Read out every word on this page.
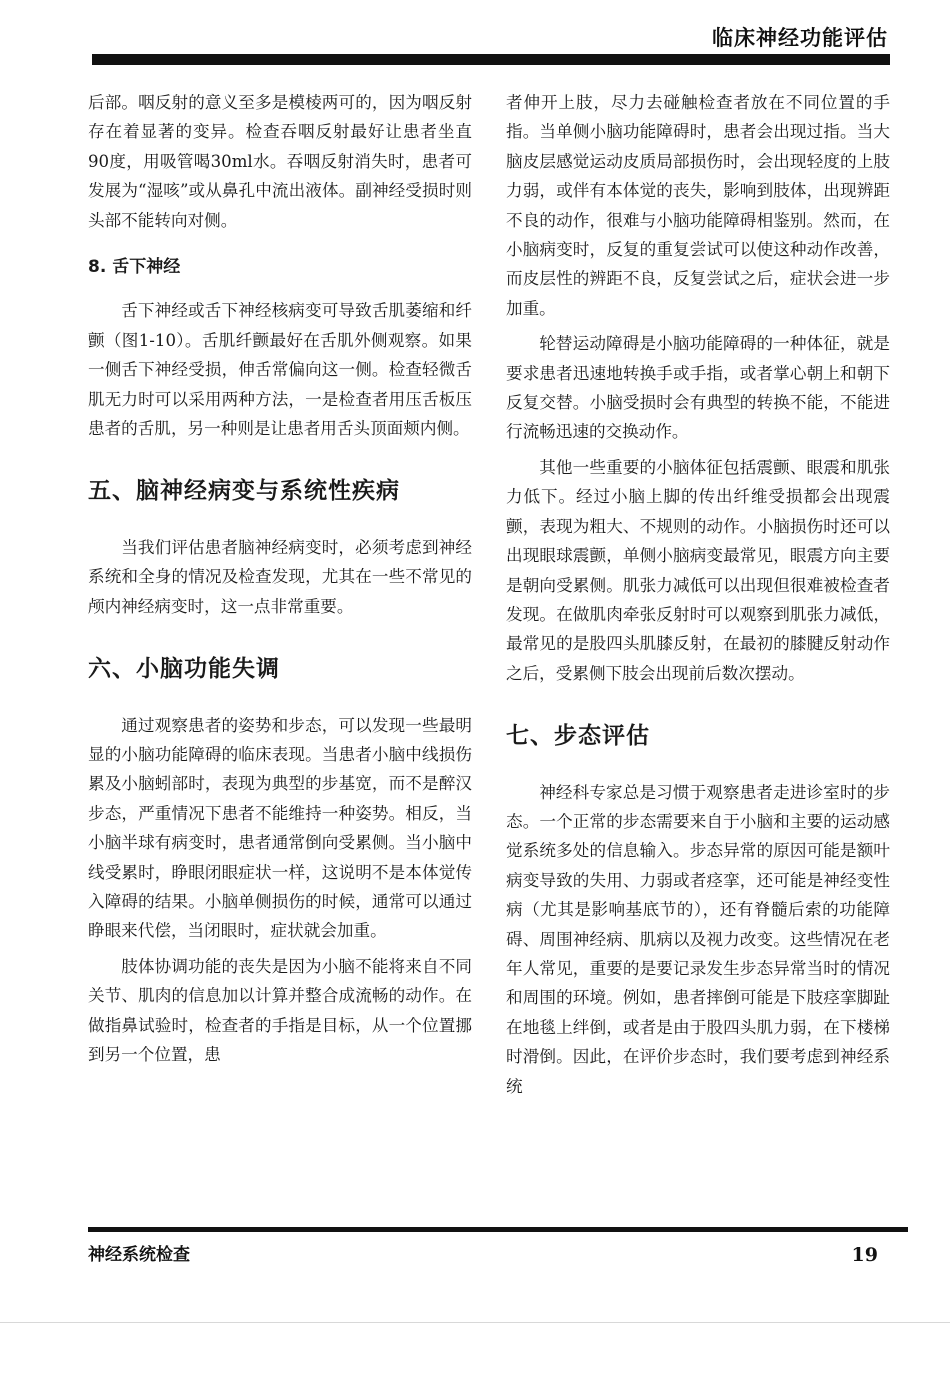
临床神经功能评估

后部。咽反射的意义至多是模棱两可的，因为咽反射存在着显著的变异。检查吞咽反射最好让患者坐直90度，用吸管喝30ml水。吞咽反射消失时，患者可发展为“湿咳”或从鼻孔中流出液体。副神经受损时则头部不能转向对侧。

8. 舌下神经

舌下神经或舌下神经核病变可导致舌肌萎缩和纤颤（图1-10）。舌肌纤颤最好在舌肌外侧观察。如果一侧舌下神经受损，伸舌常偏向这一侧。检查轻微舌肌无力时可以采用两种方法，一是检查者用压舌板压患者的舌肌，另一种则是让患者用舌头顶面颊内侧。

五、脑神经病变与系统性疾病

当我们评估患者脑神经病变时，必须考虑到神经系统和全身的情况及检查发现，尤其在一些不常见的颅内神经病变时，这一点非常重要。

六、小脑功能失调

通过观察患者的姿势和步态，可以发现一些最明显的小脑功能障碍的临床表现。当患者小脑中线损伤累及小脑蚓部时，表现为典型的步基宽，而不是醉汉步态，严重情况下患者不能维持一种姿势。相反，当小脑半球有病变时，患者通常倒向受累侧。当小脑中线受累时，睁眼闭眼症状一样，这说明不是本体觉传入障碍的结果。小脑单侧损伤的时候，通常可以通过睁眼来代偿，当闭眼时，症状就会加重。

肢体协调功能的丧失是因为小脑不能将来自不同关节、肌肉的信息加以计算并整合成流畅的动作。在做指鼻试验时，检查者的手指是目标，从一个位置挪到另一个位置，患

者伸开上肢，尽力去碰触检查者放在不同位置的手指。当单侧小脑功能障碍时，患者会出现过指。当大脑皮层感觉运动皮质局部损伤时，会出现轻度的上肢力弱，或伴有本体觉的丧失，影响到肢体，出现辨距不良的动作，很难与小脑功能障碍相鉴别。然而，在小脑病变时，反复的重复尝试可以使这种动作改善，而皮层性的辨距不良，反复尝试之后，症状会进一步加重。

轮替运动障碍是小脑功能障碍的一种体征，就是要求患者迅速地转换手或手指，或者掌心朝上和朝下反复交替。小脑受损时会有典型的转换不能，不能进行流畅迅速的交换动作。

其他一些重要的小脑体征包括震颤、眼震和肌张力低下。经过小脑上脚的传出纤维受损都会出现震颤，表现为粗大、不规则的动作。小脑损伤时还可以出现眼球震颤，单侧小脑病变最常见，眼震方向主要是朝向受累侧。肌张力减低可以出现但很难被检查者发现。在做肌肉牵张反射时可以观察到肌张力减低，最常见的是股四头肌膝反射，在最初的膝腱反射动作之后，受累侧下肢会出现前后数次摆动。

七、步态评估

神经科专家总是习惯于观察患者走进诊室时的步态。一个正常的步态需要来自于小脑和主要的运动感觉系统多处的信息输入。步态异常的原因可能是额叶病变导致的失用、力弱或者痉挛，还可能是神经变性病（尤其是影响基底节的），还有脊髓后索的功能障碍、周围神经病、肌病以及视力改变。这些情况在老年人常见，重要的是要记录发生步态异常当时的情况和周围的环境。例如，患者摔倒可能是下肢痉挛脚趾在地毯上绊倒，或者是由于股四头肌力弱，在下楼梯时滑倒。因此，在评价步态时，我们要考虑到神经系统

神经系统检查	19
